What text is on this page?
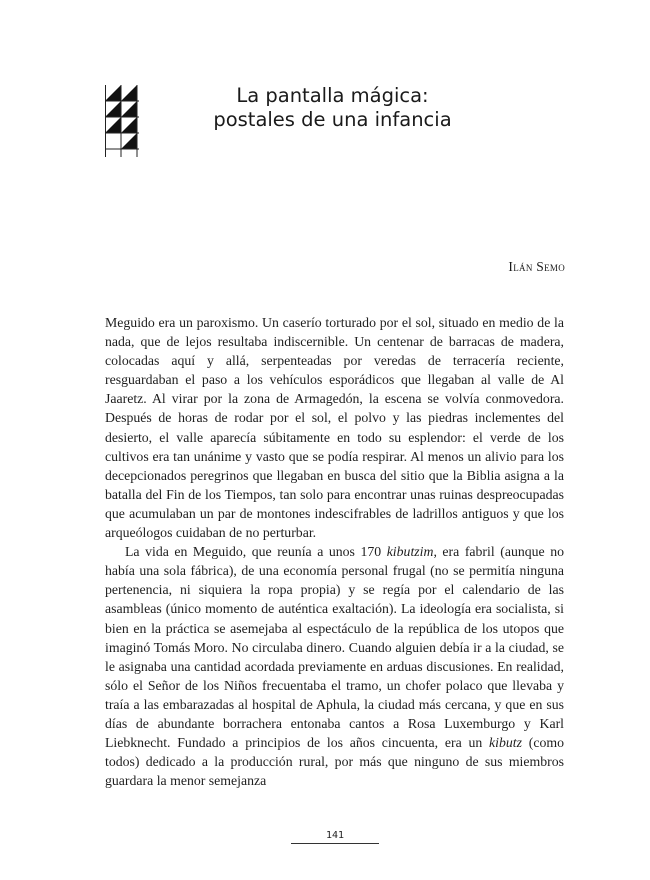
La pantalla mágica:
postales de una infancia
Ilán Semo

Meguido era un paroxismo. Un caserío torturado por el sol, situado en medio de la nada, que de lejos resultaba indiscernible. Un centenar de barracas de madera, colocadas aquí y allá, serpenteadas por veredas de terracería reciente, resguardaban el paso a los vehículos esporádicos que llegaban al valle de Al Jaaretz. Al virar por la zona de Armagedón, la escena se volvía conmovedora. Después de horas de rodar por el sol, el polvo y las piedras inclementes del desierto, el valle aparecía súbitamente en todo su esplendor: el verde de los cultivos era tan unánime y vasto que se podía respirar. Al menos un alivio para los decepcionados peregrinos que llegaban en busca del sitio que la Biblia asigna a la batalla del Fin de los Tiempos, tan solo para encontrar unas ruinas despreocupadas que acumulaban un par de montones indescifrables de ladrillos antiguos y que los arqueólogos cuidaban de no perturbar.

La vida en Meguido, que reunía a unos 170 kibutzim, era fabril (aunque no había una sola fábrica), de una economía personal frugal (no se permitía ninguna pertenencia, ni siquiera la ropa propia) y se regía por el calendario de las asambleas (único momento de auténtica exaltación). La ideología era socialista, si bien en la práctica se asemejaba al espectáculo de la república de los utopos que imaginó Tomás Moro. No circulaba dinero. Cuando alguien debía ir a la ciudad, se le asignaba una cantidad acordada previamente en arduas discusiones. En realidad, sólo el Señor de los Niños frecuentaba el tramo, un chofer polaco que llevaba y traía a las embarazadas al hospital de Aphula, la ciudad más cercana, y que en sus días de abundante borrachera entonaba cantos a Rosa Luxemburgo y Karl Liebknecht. Fundado a principios de los años cincuenta, era un kibutz (como todos) dedicado a la producción rural, por más que ninguno de sus miembros guardara la menor semejanza

141
